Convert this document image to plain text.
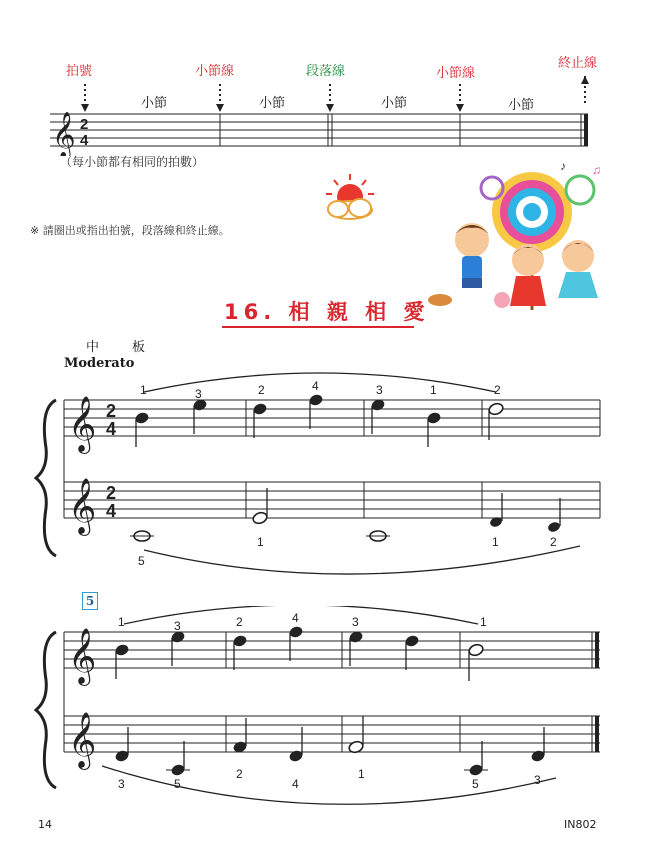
拍號	小節線	段落線	小節線
終止線
小節	小節	小節	小節
𝄞 2
4
（每小節都有相同的拍數）
※ 請圈出或指出拍號，段落線和終止線。
♪ ♫
16. 相 親 相 愛
中　板
Moderato
𝄞
𝄞
2
4
2
4
1	3	2	4	3	1	2
5
1	1	2
5
𝄞
𝄞
1	3	2	4	3	1
3	5
2
4
1
5	3
14	IN802
